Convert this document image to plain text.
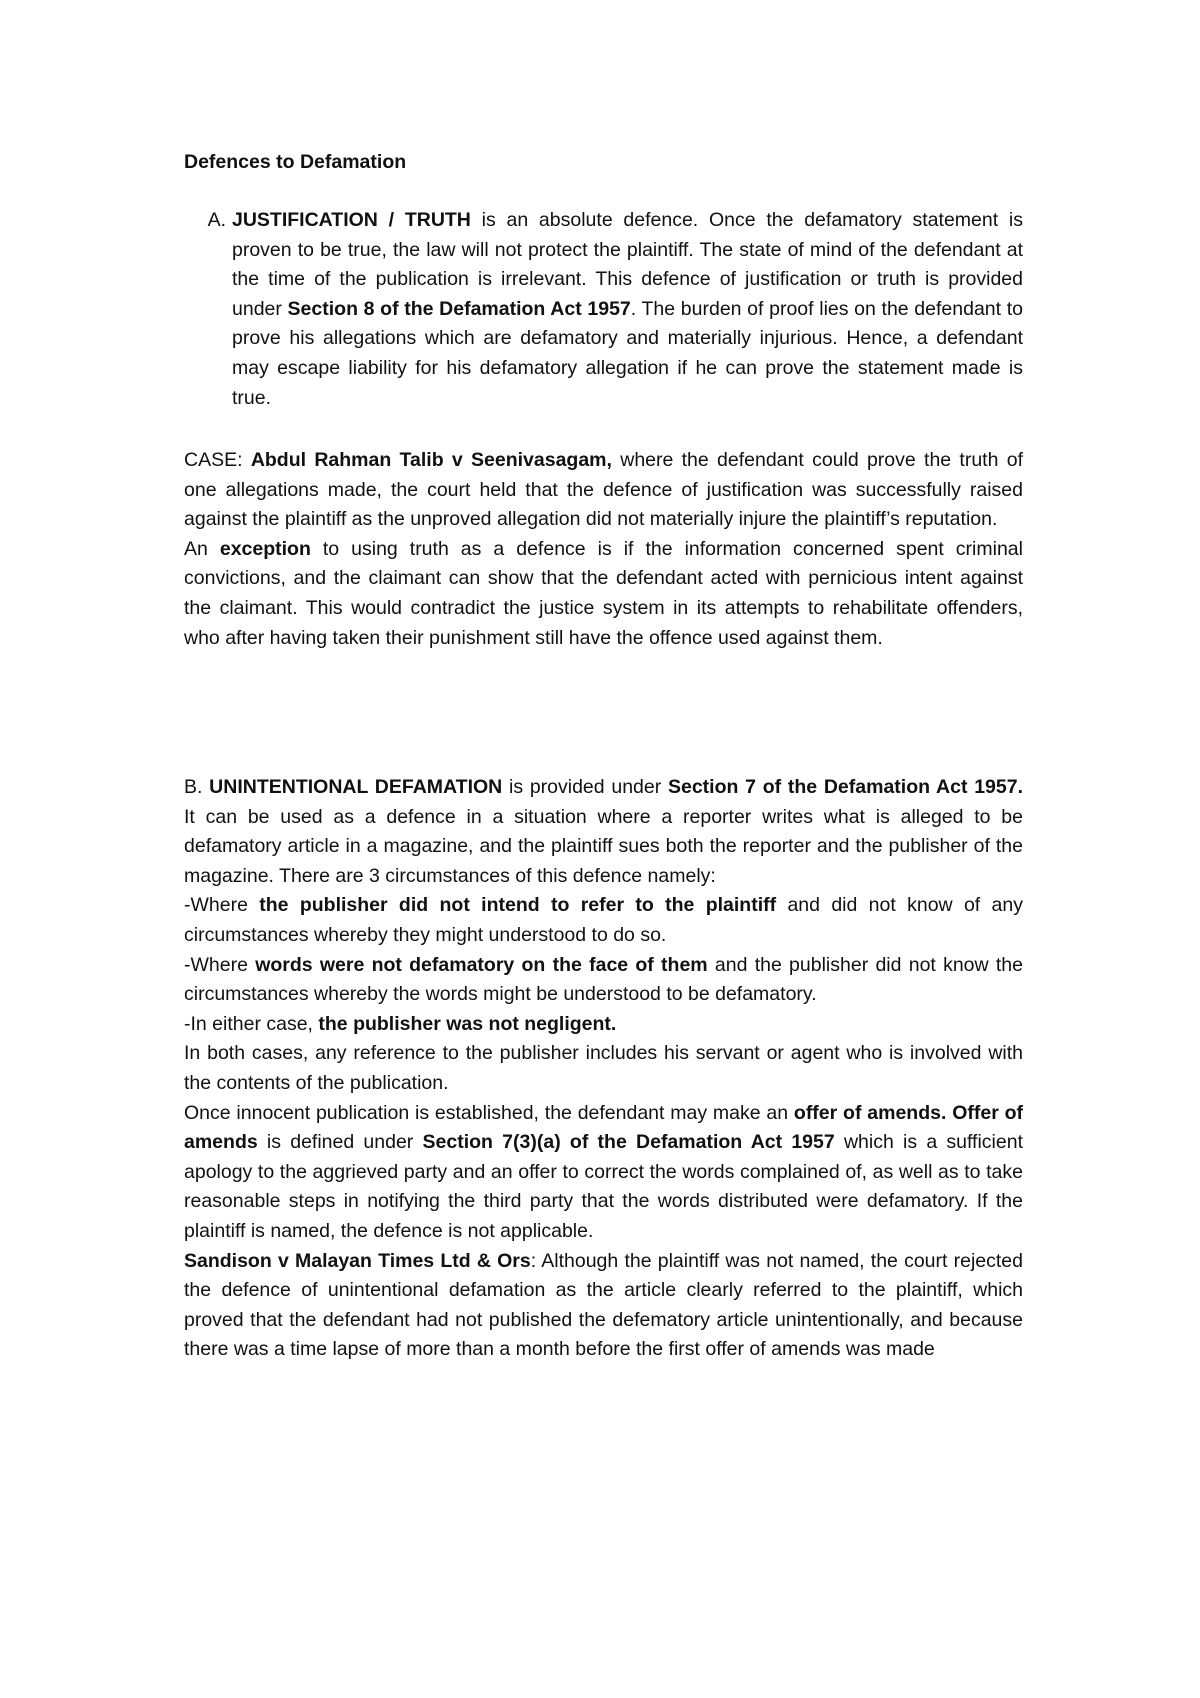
Defences to Defamation
A. JUSTIFICATION / TRUTH is an absolute defence. Once the defamatory statement is proven to be true, the law will not protect the plaintiff. The state of mind of the defendant at the time of the publication is irrelevant. This defence of justification or truth is provided under Section 8 of the Defamation Act 1957. The burden of proof lies on the defendant to prove his allegations which are defamatory and materially injurious. Hence, a defendant may escape liability for his defamatory allegation if he can prove the statement made is true.

CASE: Abdul Rahman Talib v Seenivasagam, where the defendant could prove the truth of one allegations made, the court held that the defence of justification was successfully raised against the plaintiff as the unproved allegation did not materially injure the plaintiff’s reputation.

An exception to using truth as a defence is if the information concerned spent criminal convictions, and the claimant can show that the defendant acted with pernicious intent against the claimant. This would contradict the justice system in its attempts to rehabilitate offenders, who after having taken their punishment still have the offence used against them.

B. UNINTENTIONAL DEFAMATION is provided under Section 7 of the Defamation Act 1957. It can be used as a defence in a situation where a reporter writes what is alleged to be defamatory article in a magazine, and the plaintiff sues both the reporter and the publisher of the magazine. There are 3 circumstances of this defence namely:

-Where the publisher did not intend to refer to the plaintiff and did not know of any circumstances whereby they might understood to do so.

-Where words were not defamatory on the face of them and the publisher did not know the circumstances whereby the words might be understood to be defamatory.

-In either case, the publisher was not negligent.

In both cases, any reference to the publisher includes his servant or agent who is involved with the contents of the publication.

Once innocent publication is established, the defendant may make an offer of amends. Offer of amends is defined under Section 7(3)(a) of the Defamation Act 1957 which is a sufficient apology to the aggrieved party and an offer to correct the words complained of, as well as to take reasonable steps in notifying the third party that the words distributed were defamatory. If the plaintiff is named, the defence is not applicable.

Sandison v Malayan Times Ltd & Ors: Although the plaintiff was not named, the court rejected the defence of unintentional defamation as the article clearly referred to the plaintiff, which proved that the defendant had not published the defematory article unintentionally, and because there was a time lapse of more than a month before the first offer of amends was made
